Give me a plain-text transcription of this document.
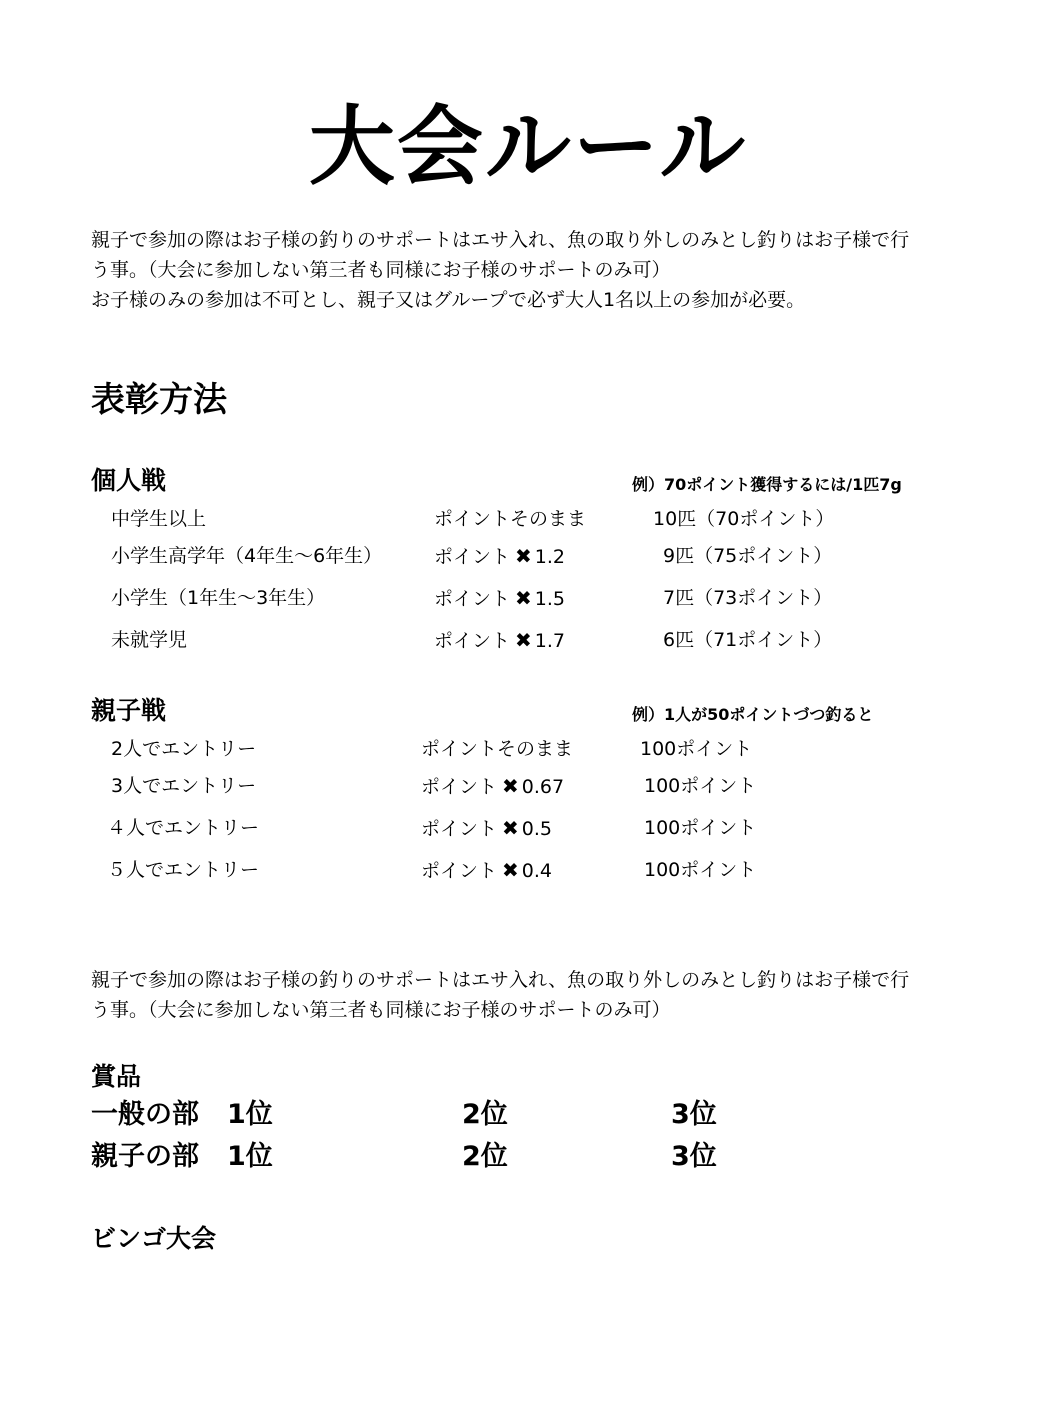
大会ルール
親子で参加の際はお子様の釣りのサポートはエサ入れ、魚の取り外しのみとし釣りはお子様で行
う事。（大会に参加しない第三者も同様にお子様のサポートのみ可）
お子様のみの参加は不可とし、親子又はグループで必ず大人1名以上の参加が必要。
表彰方法
個人戦	例）70ポイント獲得するには/1匹7g
中学生以上	ポイントそのまま	10匹（70ポイント）
小学生高学年（4年生〜6年生）	ポイント ✖ 1.2	9匹（75ポイント）
小学生（1年生〜3年生）	ポイント ✖ 1.5	7匹（73ポイント）
未就学児	ポイント ✖ 1.7	6匹（71ポイント）
親子戦	例）1人が50ポイントづつ釣ると
2人でエントリー	ポイントそのまま	100ポイント
3人でエントリー	ポイント ✖ 0.67	100ポイント
４人でエントリー	ポイント ✖ 0.5	100ポイント
５人でエントリー	ポイント ✖ 0.4	100ポイント
親子で参加の際はお子様の釣りのサポートはエサ入れ、魚の取り外しのみとし釣りはお子様で行
う事。（大会に参加しない第三者も同様にお子様のサポートのみ可）
賞品
一般の部 1位	2位	3位
親子の部 1位	2位	3位
ビンゴ大会
